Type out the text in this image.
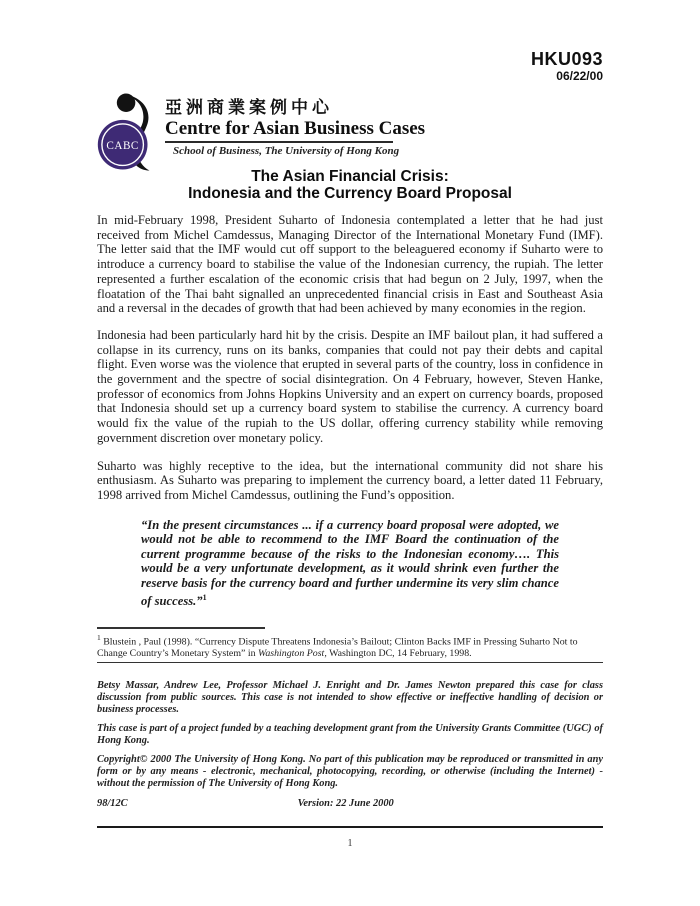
HKU093
06/22/00
CABC
亞洲商業案例中心
Centre for Asian Business Cases
School of Business, The University of Hong Kong
The Asian Financial Crisis:
Indonesia and the Currency Board Proposal

In mid-February 1998, President Suharto of Indonesia contemplated a letter that he had just received from Michel Camdessus, Managing Director of the International Monetary Fund (IMF). The letter said that the IMF would cut off support to the beleaguered economy if Suharto were to introduce a currency board to stabilise the value of the Indonesian currency, the rupiah. The letter represented a further escalation of the economic crisis that had begun on 2 July, 1997, when the floatation of the Thai baht signalled an unprecedented financial crisis in East and Southeast Asia and a reversal in the decades of growth that had been achieved by many economies in the region.

Indonesia had been particularly hard hit by the crisis. Despite an IMF bailout plan, it had suffered a collapse in its currency, runs on its banks, companies that could not pay their debts and capital flight. Even worse was the violence that erupted in several parts of the country, loss in confidence in the government and the spectre of social disintegration. On 4 February, however, Steven Hanke, professor of economics from Johns Hopkins University and an expert on currency boards, proposed that Indonesia should set up a currency board system to stabilise the currency. A currency board would fix the value of the rupiah to the US dollar, offering currency stability while removing government discretion over monetary policy.

Suharto was highly receptive to the idea, but the international community did not share his enthusiasm. As Suharto was preparing to implement the currency board, a letter dated 11 February, 1998 arrived from Michel Camdessus, outlining the Fund’s opposition.

“In the present circumstances ... if a currency board proposal were adopted, we would not be able to recommend to the IMF Board the continuation of the current programme because of the risks to the Indonesian economy…. This would be a very unfortunate development, as it would shrink even further the reserve basis for the currency board and further undermine its very slim chance of success.”$^1$
$^1$ Blustein , Paul (1998). “Currency Dispute Threatens Indonesia’s Bailout; Clinton Backs IMF in Pressing Suharto Not to Change Country’s Monetary System” in Washington Post, Washington DC, 14 February, 1998.

Betsy Massar, Andrew Lee, Professor Michael J. Enright and Dr. James Newton prepared this case for class discussion from public sources. This case is not intended to show effective or ineffective handling of decision or business processes.

This case is part of a project funded by a teaching development grant from the University Grants Committee (UGC) of Hong Kong.

Copyright© 2000 The University of Hong Kong. No part of this publication may be reproduced or transmitted in any form or by any means - electronic, mechanical, photocopying, recording, or otherwise (including the Internet) - without the permission of The University of Hong Kong.

98/12C	Version: 22 June 2000
1
